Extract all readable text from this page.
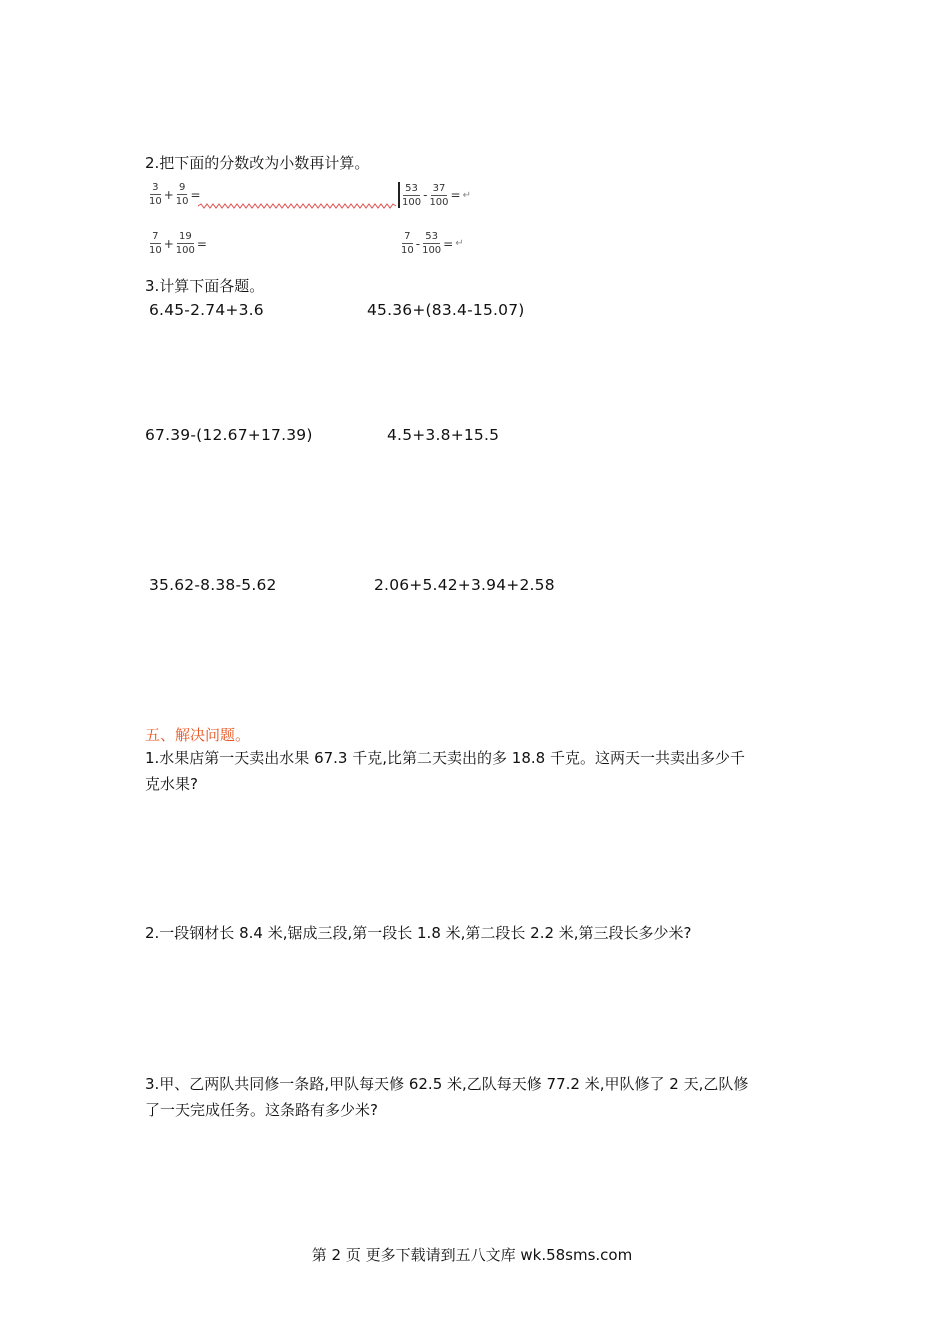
2.把下面的分数改为小数再计算。
$\frac{3}{10} + \frac{9}{10}$ =	$\frac{53}{100} - \frac{37}{100}$ = ↵
$\frac{7}{10} + \frac{19}{100}$ =	$\frac{7}{10} - \frac{53}{100}$ = ↵
3.计算下面各题。
6.45-2.74+3.6	45.36+(83.4-15.07)
67.39-(12.67+17.39)	4.5+3.8+15.5
35.62-8.38-5.62	2.06+5.42+3.94+2.58
五、解决问题。
1.水果店第一天卖出水果 67.3 千克,比第二天卖出的多 18.8 千克。这两天一共卖出多少千
克水果?
2.一段钢材长 8.4 米,锯成三段,第一段长 1.8 米,第二段长 2.2 米,第三段长多少米?
3.甲、乙两队共同修一条路,甲队每天修 62.5 米,乙队每天修 77.2 米,甲队修了 2 天,乙队修
了一天完成任务。这条路有多少米?
第 2 页 更多下载请到五八文库 wk.58sms.com
